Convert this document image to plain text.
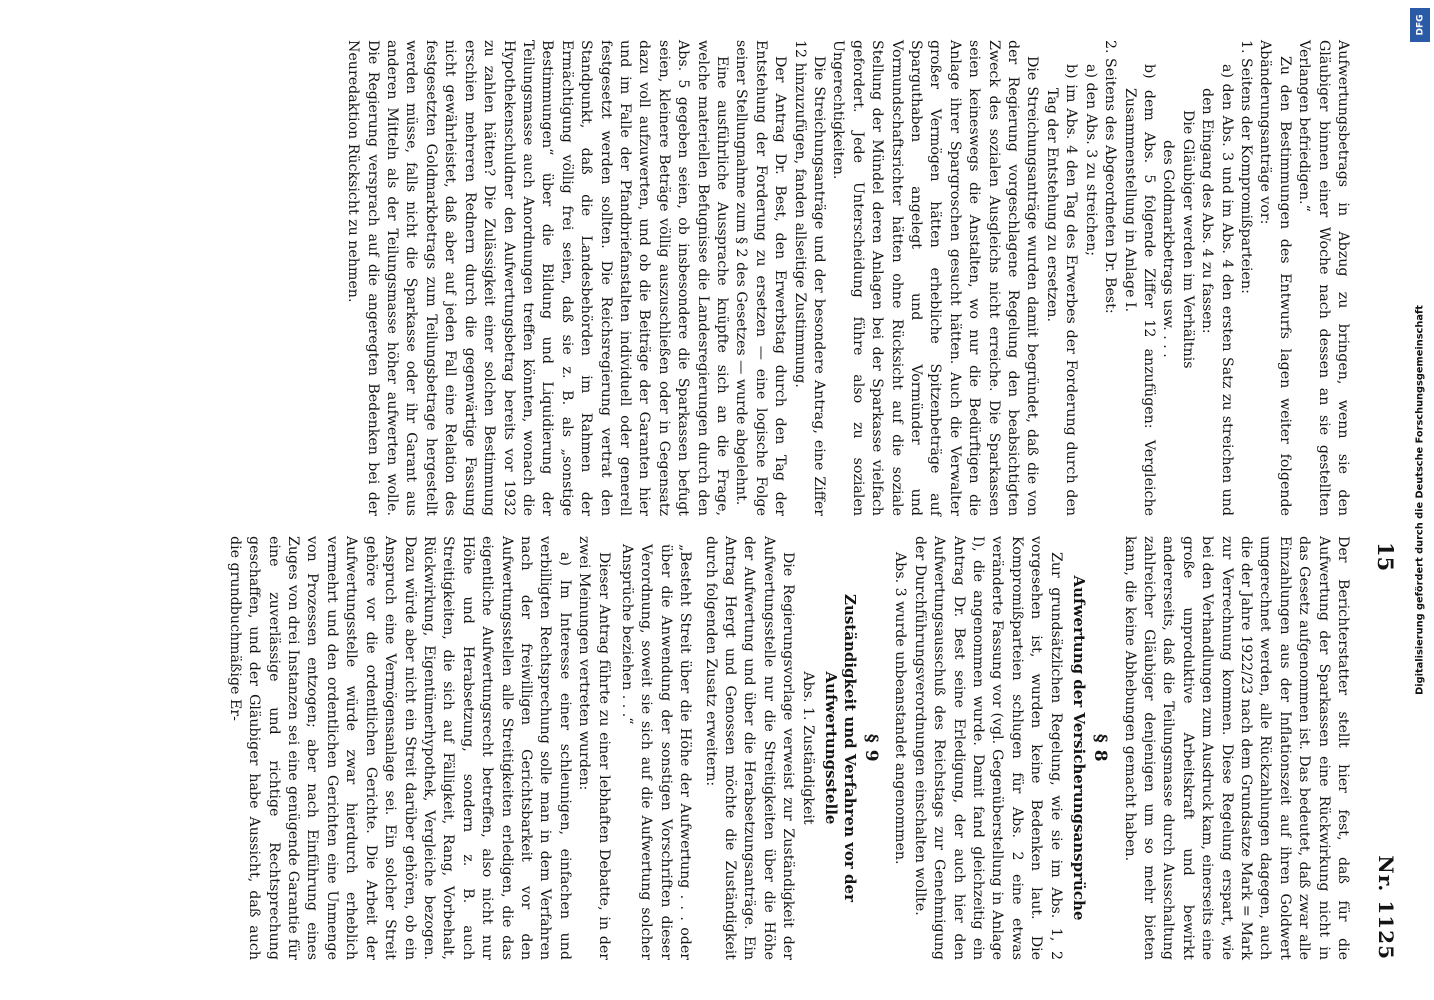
15
Nr. 1125

Aufwertungsbetrags in Abzug zu bringen, wenn sie den Gläubiger binnen einer Woche nach dessen an sie gestellten Verlangen befriedigen.“

Zu den Bestimmungen des Entwurfs lagen weiter folgende Abänderungsanträge vor:

1. Seitens der Kompromißparteien:

a) den Abs. 3 und im Abs. 4 den ersten Satz zu streichen und den Eingang des Abs. 4 zu fassen:

Die Gläubiger werden im Verhältnis

des Goldmarkbetrags usw. . . .

b) dem Abs. 5 folgende Ziffer 12 anzufügen: Vergleiche Zusammenstellung in Anlage I.

2. Seitens des Abgeordneten Dr. Best:

a) den Abs. 3 zu streichen;

b) im Abs. 4 den Tag des Erwerbes der Forderung durch den Tag der Entstehung zu ersetzen.

Die Streichungsanträge wurden damit begründet, daß die von der Regierung vorgeschlagene Regelung den beabsichtigten Zweck des sozialen Ausgleichs nicht erreiche. Die Sparkassen seien keineswegs die Anstalten, wo nur die Bedürftigen die Anlage ihrer Spargroschen gesucht hätten. Auch die Verwalter großer Vermögen hätten erhebliche Spitzenbeträge auf Sparguthaben angelegt und Vormünder und Vormundschaftsrichter hätten ohne Rücksicht auf die soziale Stellung der Mündel deren Anlagen bei der Sparkasse vielfach gefordert. Jede Unterscheidung führe also zu sozialen Ungerechtigkeiten.

Die Streichungsanträge und der besondere Antrag, eine Ziffer 12 hinzuzufügen, fanden allseitige Zustimmung.

Der Antrag Dr. Best, den Erwerbstag durch den Tag der Entstehung der Forderung zu ersetzen — eine logische Folge seiner Stellungnahme zum § 2 des Gesetzes — wurde abgelehnt.

Eine ausführliche Aussprache knüpfte sich an die Frage, welche materiellen Befugnisse die Landesregierungen durch den Abs. 5 gegeben seien, ob insbesondere die Sparkassen befugt seien, kleinere Beträge völlig auszuschließen oder in Gegensatz dazu voll aufzuwerten, und ob die Beiträge der Garanten hier und im Falle der Pfandbriefanstalten individuell oder generell festgesetzt werden sollten. Die Reichsregierung vertrat den Standpunkt, daß die Landesbehörden im Rahmen der Ermächtigung völlig frei seien, daß sie z. B. als „sonstige Bestimmungen“ über die Bildung und Liquidierung der Teilungsmasse auch Anordnungen treffen könnten, wonach die Hypothekenschuldner den Aufwertungsbetrag bereits vor 1932 zu zahlen hätten? Die Zulässigkeit einer solchen Bestimmung erschien mehreren Rednern durch die gegenwärtige Fassung nicht gewährleistet, daß aber auf jeden Fall eine Relation des festgesetzten Goldmarkbetrags zum Teilungsbetrage hergestellt werden müsse, falls nicht die Sparkasse oder ihr Garant aus anderen Mitteln als der Teilungsmasse höher aufwerten wolle. Die Regierung versprach auf die angeregten Bedenken bei der Neuredaktion Rücksicht zu nehmen.

Der Berichterstatter stellt hier fest, daß für die Aufwertung der Sparkassen eine Rückwirkung nicht in das Gesetz aufgenommen ist. Das bedeutet, daß zwar alle Einzahlungen aus der Inflationszeit auf ihren Goldwert umgerechnet werden, alle Rückzahlungen dagegen, auch die der Jahre 1922/23 nach dem Grundsatze Mark = Mark zur Verrechnung kommen. Diese Regelung erspart, wie bei den Verhandlungen zum Ausdruck kam, einerseits eine große unproduktive Arbeitskraft und bewirkt andererseits, daß die Teilungsmasse durch Ausschaltung zahlreicher Gläubiger denjenigen um so mehr bieten kann, die keine Abhebungen gemacht haben.

§ 8
Aufwertung der Versicherungsansprüche

Zur grundsätzlichen Regelung, wie sie im Abs. 1, 2 vorgesehen ist, wurden keine Bedenken laut. Die Kompromißparteien schlugen für Abs. 2 eine etwas veränderte Fassung vor (vgl. Gegenüberstellung in Anlage I), die angenommen wurde. Damit fand gleichzeitig ein Antrag Dr. Best seine Erledigung, der auch hier den Aufwertungsausschuß des Reichstags zur Genehmigung der Durchführungsverordnungen einschalten wollte.

Abs. 3 wurde unbeanstandet angenommen.

§ 9
Zuständigkeit und Verfahren vor der Aufwertungsstelle

Abs. 1. Zuständigkeit

Die Regierungsvorlage verweist zur Zuständigkeit der Aufwertungsstelle nur die Streitigkeiten über die Höhe der Aufwertung und über die Herabsetzungsanträge. Ein Antrag Hergt und Genossen möchte die Zuständigkeit durch folgenden Zusatz erweitern:

„Besteht Streit über die Höhe der Aufwertung . . . oder über die Anwendung der sonstigen Vorschriften dieser Verordnung, soweit sie sich auf die Aufwertung solcher Ansprüche beziehen . . .“

Dieser Antrag führte zu einer lebhaften Debatte, in der zwei Meinungen vertreten wurden:

a) Im Interesse einer schleunigen, einfachen und verbilligten Rechtsprechung solle man in dem Verfahren nach der freiwilligen Gerichtsbarkeit vor den Aufwertungsstellen alle Streitigkeiten erledigen, die das eigentliche Aufwertungsrecht betreffen, also nicht nur Höhe und Herabsetzung, sondern z. B. auch Streitigkeiten, die sich auf Fälligkeit, Rang, Vorbehalt, Rückwirkung, Eigentümerhypothek, Vergleiche bezogen. Dazu würde aber nicht ein Streit darüber gehören, ob ein Anspruch eine Vermögensanlage sei. Ein solcher Streit gehöre vor die ordentlichen Gerichte. Die Arbeit der Aufwertungsstelle würde zwar hierdurch erheblich vermehrt und den ordentlichen Gerichten eine Unmenge von Prozessen entzogen; aber nach Einführung eines Zuges von drei Instanzen sei eine genügende Garantie für eine zuverlässige und richtige Rechtsprechung geschaffen, und der Gläubiger habe Aussicht, daß auch die grundbuchmäßige Er-	Digitalisierung gefördert durch die Deutsche Forschungsgemeinschaft
DFG
